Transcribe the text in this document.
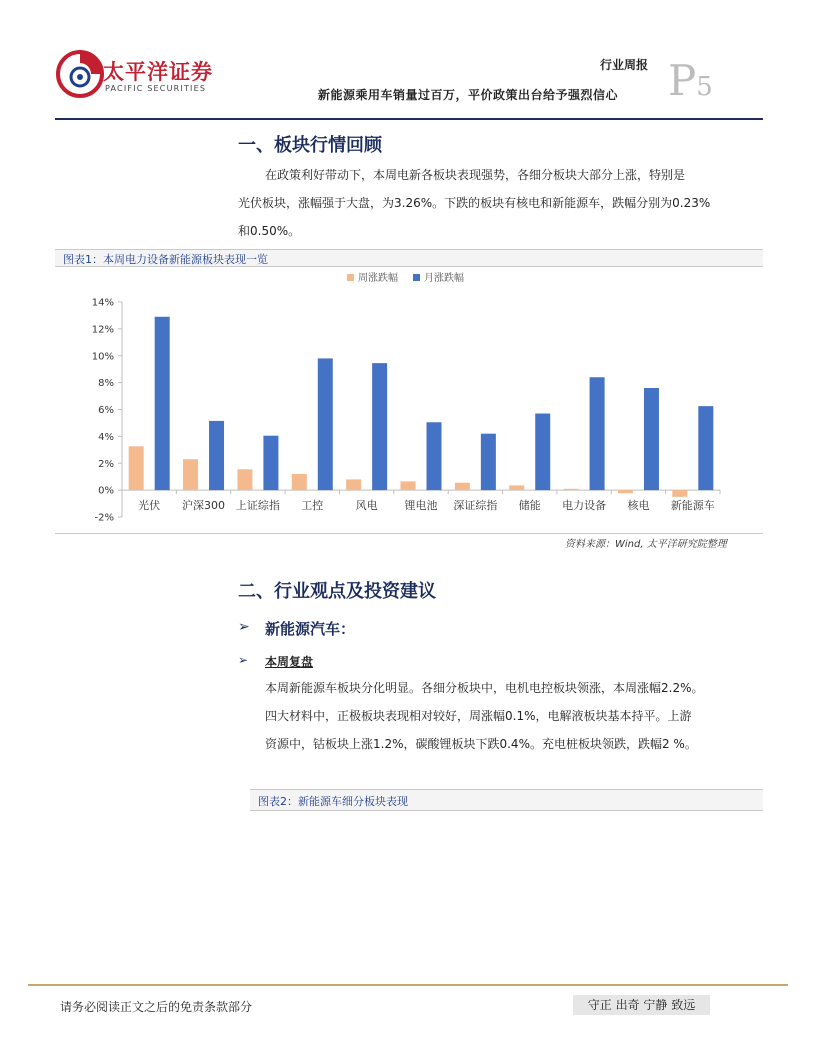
太平洋证券
PACIFIC SECURITIES
行业周报
新能源乘用车销量过百万，平价政策出台给予强烈信心 P5
一、板块行情回顾
在政策利好带动下，本周电新各板块表现强势，各细分板块大部分上涨，特别是
光伏板块，涨幅强于大盘，为3.26%。下跌的板块有核电和新能源车，跌幅分别为0.23%
和0.50%。
图表1：本周电力设备新能源板块表现一览
周涨跌幅	月涨跌幅
-2%
0%
2%
4%
6%
8%
10%
12%
14%
光伏 沪深300 上证综指 工控	风电 锂电池 深证综指 储能 电力设备 核电 新能源车
资料来源：Wind, 太平洋研究院整理
二、行业观点及投资建议
➢ 新能源汽车：
➢ 本周复盘
本周新能源车板块分化明显。各细分板块中，电机电控板块领涨，本周涨幅2.2%。
四大材料中，正极板块表现相对较好，周涨幅0.1%，电解液板块基本持平。上游
资源中，钴板块上涨1.2%，碳酸锂板块下跌0.4%。充电桩板块领跌，跌幅2 %。
图表2：新能源车细分板块表现
请务必阅读正文之后的免责条款部分	守正 出奇 宁静 致远
